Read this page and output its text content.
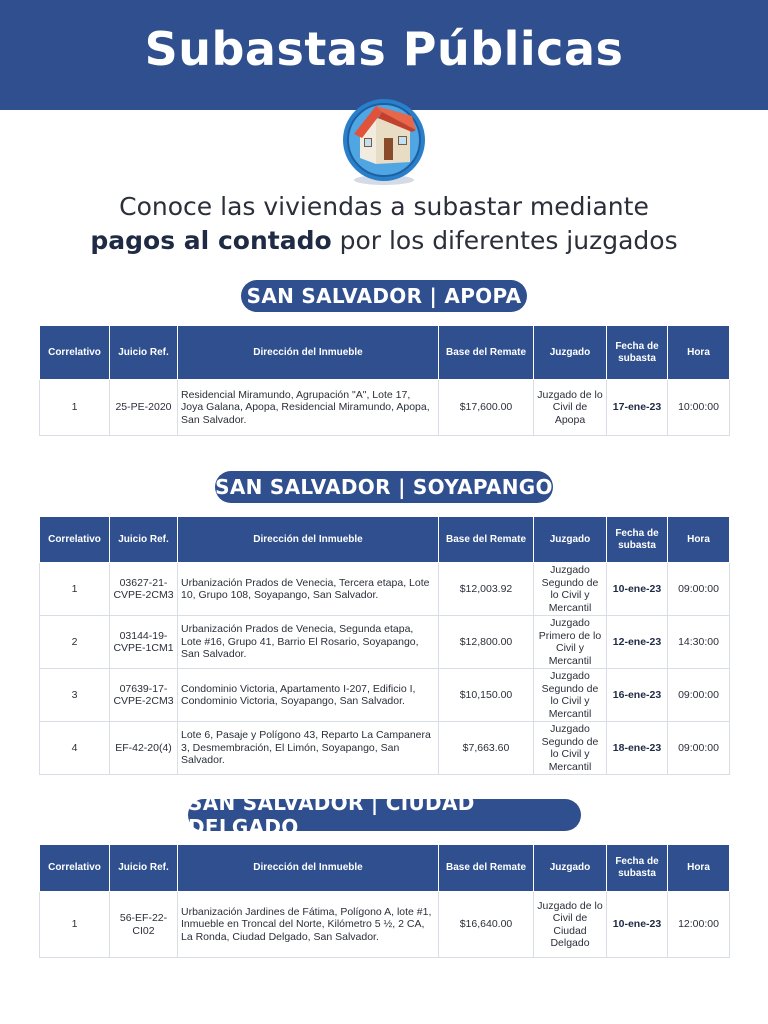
Subastas Públicas
Conoce las viviendas a subastar mediante
pagos al contado por los diferentes juzgados
SAN SALVADOR | APOPA
Correlativo	Juicio Ref.	Dirección del Inmueble	Base del Remate	Juzgado	Fecha de subasta	Hora
1	25-PE-2020	Residencial Miramundo, Agrupación "A", Lote 17, Joya Galana, Apopa, Residencial Miramundo, Apopa, San Salvador.	$17,600.00	Juzgado de lo Civil de Apopa	17-ene-23	10:00:00
SAN SALVADOR | SOYAPANGO
Correlativo	Juicio Ref.	Dirección del Inmueble	Base del Remate	Juzgado	Fecha de subasta	Hora
1	03627-21-CVPE-2CM3	Urbanización Prados de Venecia, Tercera etapa, Lote 10, Grupo 108, Soyapango, San Salvador.	$12,003.92	Juzgado Segundo de lo Civil y Mercantil	10-ene-23	09:00:00
2	03144-19-CVPE-1CM1	Urbanización Prados de Venecia, Segunda etapa, Lote #16, Grupo 41, Barrio El Rosario, Soyapango, San Salvador.	$12,800.00	Juzgado Primero de lo Civil y Mercantil	12-ene-23	14:30:00
3	07639-17-CVPE-2CM3	Condominio Victoria, Apartamento I-207, Edificio I, Condominio Victoria, Soyapango, San Salvador.	$10,150.00	Juzgado Segundo de lo Civil y Mercantil	16-ene-23	09:00:00
4	EF-42-20(4)	Lote 6, Pasaje y Polígono 43, Reparto La Campanera 3, Desmembración, El Limón, Soyapango, San Salvador.	$7,663.60	Juzgado Segundo de lo Civil y Mercantil	18-ene-23	09:00:00
SAN SALVADOR | CIUDAD DELGADO
Correlativo	Juicio Ref.	Dirección del Inmueble	Base del Remate	Juzgado	Fecha de subasta	Hora
1	56-EF-22-CI02	Urbanización Jardines de Fátima, Polígono A, lote #1, Inmueble en Troncal del Norte, Kilómetro 5 ½, 2 CA, La Ronda, Ciudad Delgado, San Salvador.	$16,640.00	Juzgado de lo Civil de Ciudad Delgado	10-ene-23	12:00:00
